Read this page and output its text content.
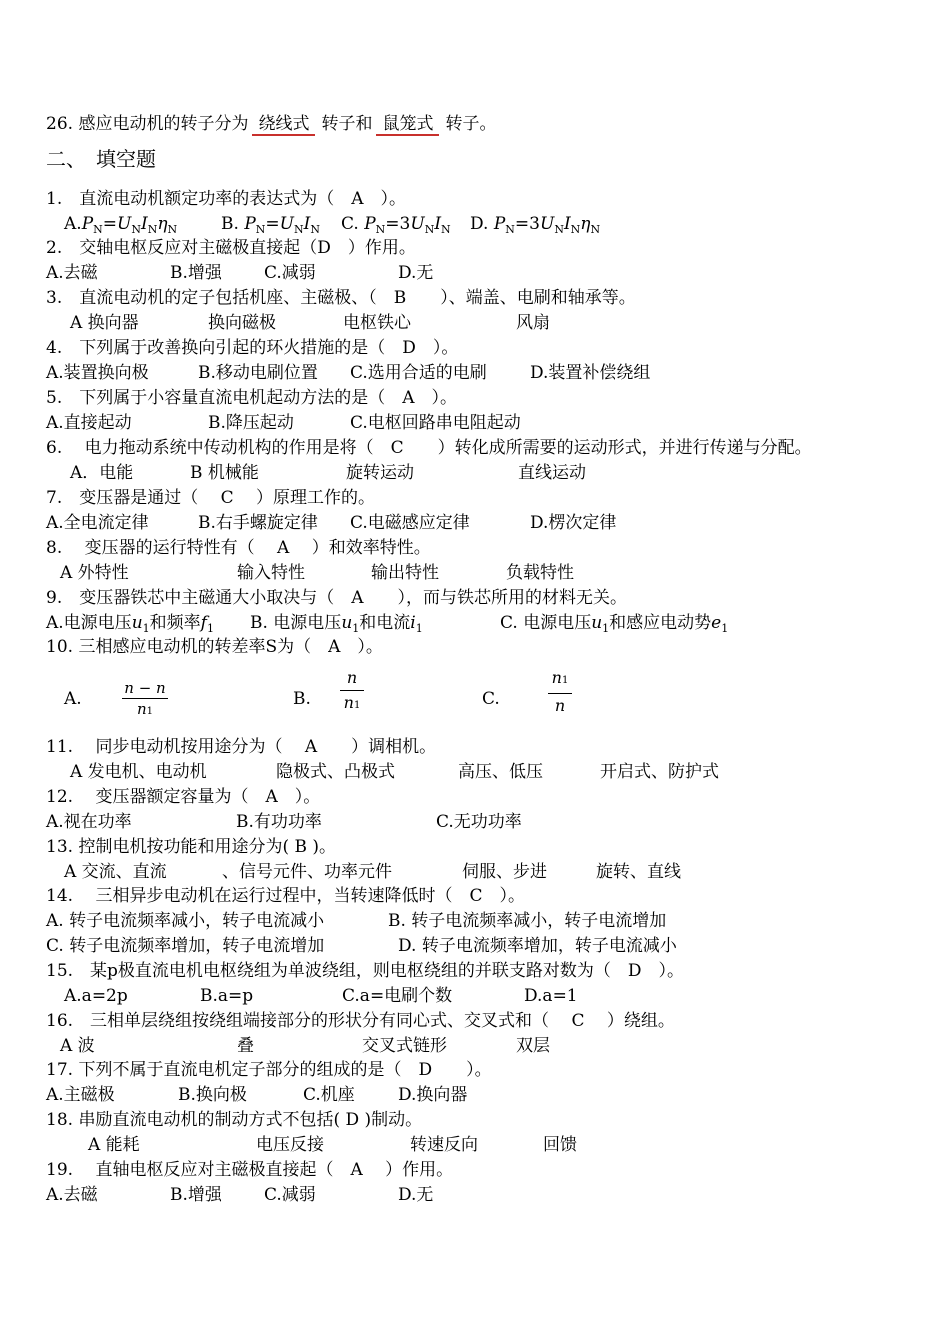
26. 感应电动机的转子分为 绕线式 转子和 鼠笼式 转子。
二、　填空题
1.　直流电动机额定功率的表达式为（　A　）。
$A.P_N=U_NI_N\eta_N$	B. $P_N=U_NI_N$ C. $P_N=3U_NI_N$ D. $P_N=3U_NI_N\eta_N$
2.　交轴电枢反应对主磁极直接起（D　）作用。
A.去磁	B.增强 C.减弱	D.无
3.　直流电动机的定子包括机座、主磁极、（　B　　）、端盖、电刷和轴承等。
A 换向器	换向磁极	电枢铁心	风扇
4.　下列属于改善换向引起的环火措施的是（　D　）。
A.装置换向极	B.移动电刷位置 C.选用合适的电刷	D.装置补偿绕组
5.　下列属于小容量直流电机起动方法的是（　A　）。
A.直接起动	B.降压起动	C.电枢回路串电阻起动
6.　 电力拖动系统中传动机构的作用是将（　C　　）转化成所需要的运动形式，并进行传递与分配。
A．电能	B 机械能	旋转运动	直线运动
7.　变压器是通过（　 C　 ）原理工作的。
A.全电流定律	B.右手螺旋定律 C.电磁感应定律	D.楞次定律
8.　 变压器的运行特性有（　 A　 ）和效率特性。
A 外特性	输入特性	输出特性	负载特性
9.　变压器铁芯中主磁通大小取决与（　A　　），而与铁芯所用的材料无关。
A.电源电压$u_1$和频率$f_1$ B. 电源电压$u_1$和电流$i_1$	C. 电源电压$u_1$和感应电动势$e_1$
10. 三相感应电动机的转差率S为（　A　）。
A.
n − n
n1
B.
n
n1	C.
n1
n
11.　 同步电动机按用途分为（　 A　　）调相机。
A 发电机、电动机	隐极式、凸极式	高压、低压	开启式、防护式
12.　 变压器额定容量为（　A　）。
A.视在功率	B.有功功率	C.无功功率
13. 控制电机按功能和用途分为( B )。
A 交流、直流	、信号元件、功率元件	伺服、步进	旋转、直线
14.　 三相异步电动机在运行过程中，当转速降低时（　C　）。
A. 转子电流频率减小，转子电流减小	B. 转子电流频率减小，转子电流增加
C. 转子电流频率增加，转子电流增加	D. 转子电流频率增加，转子电流减小
15.　某p极直流电机电枢绕组为单波绕组，则电枢绕组的并联支路对数为（　D　）。
A.a=2p	B.a=p	C.a=电刷个数	D.a=1
16.　三相单层绕组按绕组端接部分的形状分有同心式、交叉式和（　 C　 ）绕组。
A 波	叠	交叉式链形	双层
17. 下列不属于直流电机定子部分的组成的是（　D　　）。
A.主磁极	B.换向极	C.机座	D.换向器
18. 串励直流电动机的制动方式不包括( D )制动。
A 能耗	电压反接	转速反向	回馈
19.　 直轴电枢反应对主磁极直接起（　A　 ）作用。
A.去磁	B.增强 C.减弱	D.无
